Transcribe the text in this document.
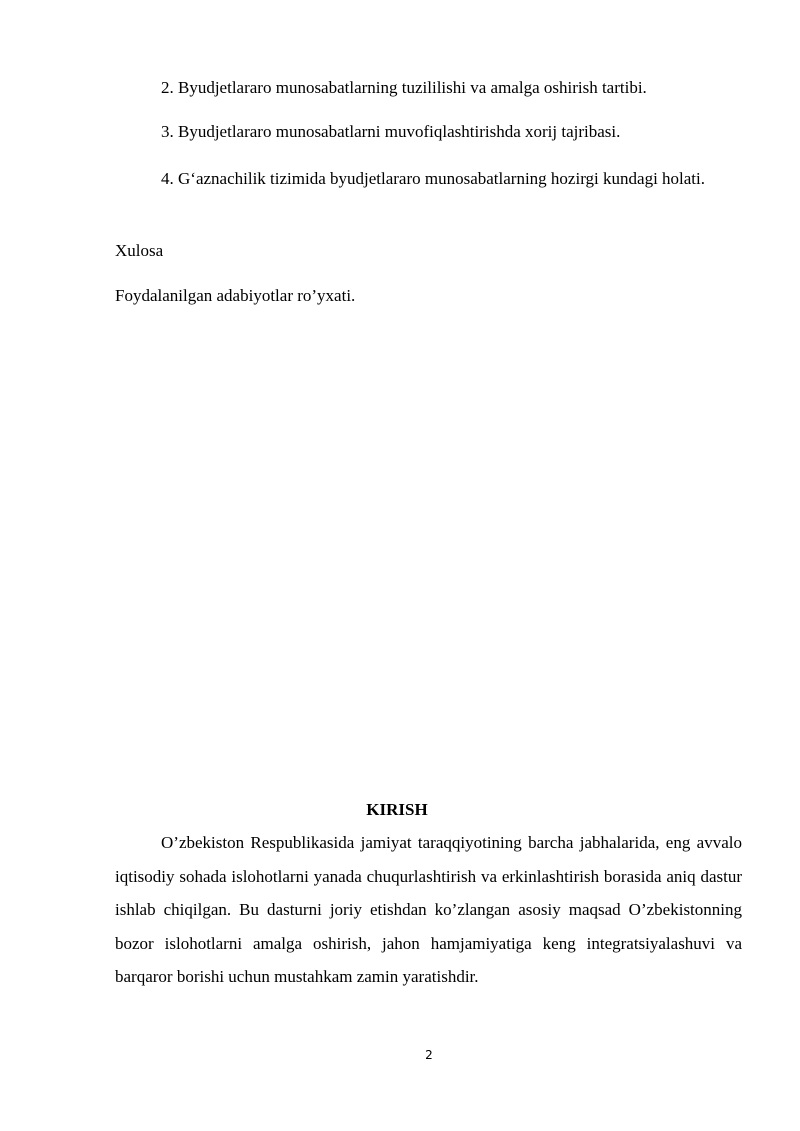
2. Byudjetlararo munosabatlarning tuzililishi va amalga oshirish tartibi.
3. Byudjetlararo munosabatlarni muvofiqlashtirishda xorij tajribasi.
4. G‘aznachilik tizimida byudjetlararo munosabatlarning hozirgi kundagi holati.
Xulosa
Foydalanilgan adabiyotlar ro’yxati.
KIRISH
O’zbekiston Respublikasida jamiyat taraqqiyotining barcha jabhalarida, eng avvalo iqtisodiy sohada islohotlarni yanada chuqurlashtirish va erkinlashtirish borasida aniq dastur ishlab chiqilgan. Bu dasturni joriy etishdan ko’zlangan asosiy maqsad O’zbekistonning bozor islohotlarni amalga oshirish, jahon hamjamiyatiga keng integratsiyalashuvi va barqaror borishi uchun mustahkam zamin yaratishdir.
2
